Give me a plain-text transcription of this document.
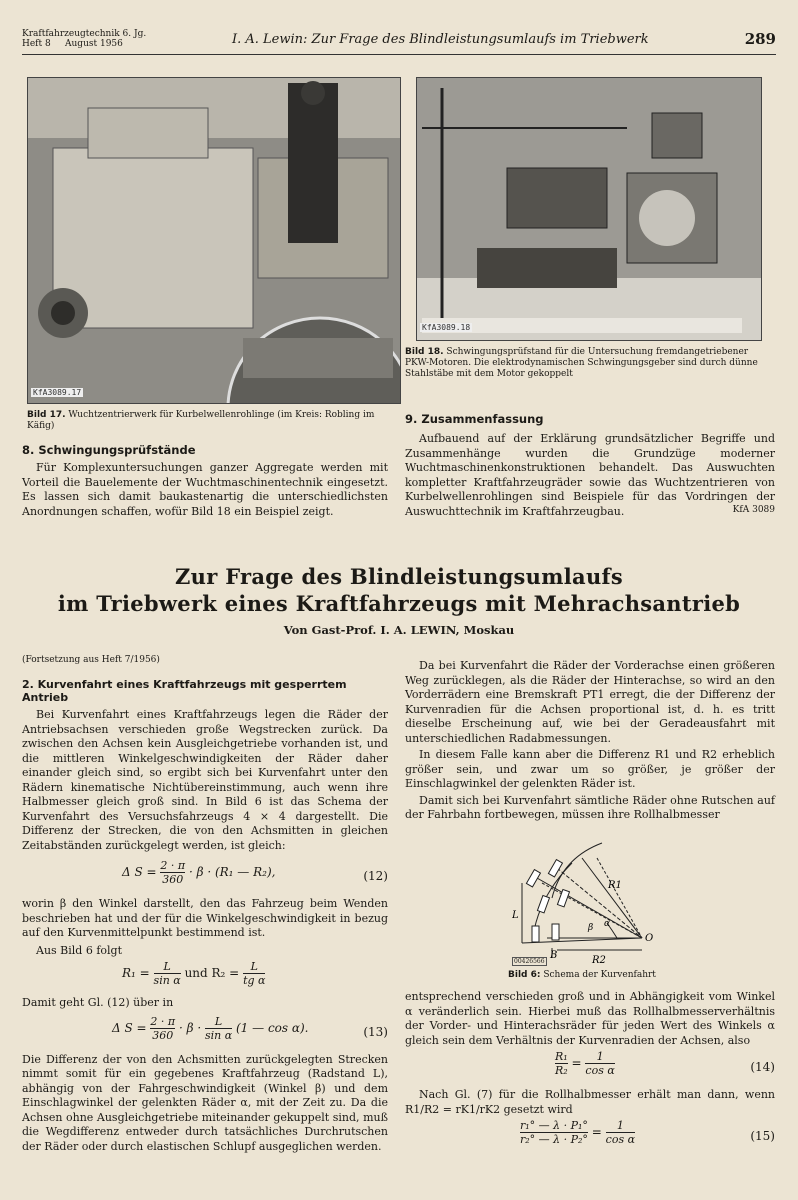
Kraftfahrzeugtechnik 6. Jg.
Heft 8     August 1956	I. A. Lewin: Zur Frage des Blindleistungsumlaufs im Triebwerk	289
KfA3089.17
Bild 17. Wuchtzentrierwerk für Kurbelwellenrohlinge (im Kreis: Robling im Käfig)
KfA3089.18
Bild 18. Schwingungsprüfstand für die Untersuchung fremdangetriebener PKW-Motoren. Die elektrodynamischen Schwingungsgeber sind durch dünne Stahlstäbe mit dem Motor gekoppelt
8. Schwingungsprüfstände

Für Komplexuntersuchungen ganzer Aggregate werden mit Vorteil die Bauelemente der Wuchtmaschinentechnik eingesetzt. Es lassen sich damit baukastenartig die unterschiedlichsten Anordnungen schaffen, wofür Bild 18 ein Beispiel zeigt.

9. Zusammenfassung

Aufbauend auf der Erklärung grundsätzlicher Begriffe und Zusammenhänge wurden die Grundzüge moderner Wuchtmaschinenkonstruktionen behandelt. Das Auswuchten kompletter Kraftfahrzeugräder sowie das Wuchtzentrieren von Kurbelwellenrohlingen sind Beispiele für das Vordringen der Auswuchttechnik im Kraftfahrzeugbau.	KfA 3089
Zur Frage des Blindleistungsumlaufs
im Triebwerk eines Kraftfahrzeugs mit Mehrachsantrieb
Von Gast-Prof. I. A. LEWIN, Moskau
(Fortsetzung aus Heft 7/1956)
2. Kurvenfahrt eines Kraftfahrzeugs mit gesperrtem Antrieb

Bei Kurvenfahrt eines Kraftfahrzeugs legen die Räder der Antriebsachsen verschieden große Wegstrecken zurück. Da zwischen den Achsen kein Ausgleichgetriebe vorhanden ist, und die mittleren Winkelgeschwindigkeiten der Räder daher einander gleich sind, so ergibt sich bei Kurvenfahrt unter den Rädern kinematische Nichtübereinstimmung, auch wenn ihre Halbmesser gleich groß sind. In Bild 6 ist das Schema der Kurvenfahrt des Versuchsfahrzeugs 4 × 4 dargestellt. Die Differenz der Strecken, die von den Achsmitten in gleichen Zeitabständen zurückgelegt werden, ist gleich:

Δ $S = \frac{2 \cdot \pi}{360} \cdot \beta \cdot (R_1$ — R₂),	(12)

worin β den Winkel darstellt, den das Fahrzeug beim Wenden beschrieben hat und der für die Winkelgeschwindigkeit in bezug auf den Kurvenmittelpunkt bestimmend ist.

Aus Bild 6 folgt

$R_1 = \frac{L}{\text{sin α}}$ und $R_2 = \frac{L}{\text{tg α}}$

Damit geht Gl. (12) über in

Δ $S = \frac{2 \cdot \pi}{360} \cdot \beta \cdot \frac{L}{\text{sin α}} (1$ — cos α).	(13)

Die Differenz der von den Achsmitten zurückgelegten Strecken nimmt somit für ein gegebenes Kraftfahrzeug (Radstand L), abhängig von der Fahrgeschwindigkeit (Winkel β) und dem Einschlagwinkel der gelenkten Räder α, mit der Zeit zu. Da die Achsen ohne Ausgleichgetriebe miteinander gekuppelt sind, muß die Wegdifferenz entweder durch tatsächliches Durchrutschen der Räder oder durch elastischen Schlupf ausgeglichen werden.

Da bei Kurvenfahrt die Räder der Vorderachse einen größeren Weg zurücklegen, als die Räder der Hinterachse, so wird an den Vorderrädern eine Bremskraft PT1 erregt, die der Differenz der Kurvenradien für die Achsen proportional ist, d. h. es tritt dieselbe Erscheinung auf, wie bei der Geradeausfahrt mit unterschiedlichen Radabmessungen.

In diesem Falle kann aber die Differenz R1 und R2 erheblich größer sein, und zwar um so größer, je größer der Einschlagwinkel der gelenkten Räder ist.

Damit sich bei Kurvenfahrt sämtliche Räder ohne Rutschen auf der Fahrbahn fortbewegen, müssen ihre Rollhalbmesser

L
B	R2
R1
O
β α
00426566
Bild 6: Schema der Kurvenfahrt

entsprechend verschieden groß und in Abhängigkeit vom Winkel α veränderlich sein. Hierbei muß das Rollhalbmesserverhältnis der Vorder- und Hinterachsräder für jeden Wert des Winkels α gleich sein dem Verhältnis der Kurvenradien der Achsen, also

$\frac{\text{R₁}}{\text{R₂}} = \frac{1}{\text{cos α}}$	(14)

Nach Gl. (7) für die Rollhalbmesser erhält man dann, wenn R1/R2 = rK1/rK2 gesetzt wird

$\frac{\text{r₁° — λ · P₁°}}{\text{r₂° — λ · P₂°}} = \frac{1}{\text{cos α}}$	(15)
